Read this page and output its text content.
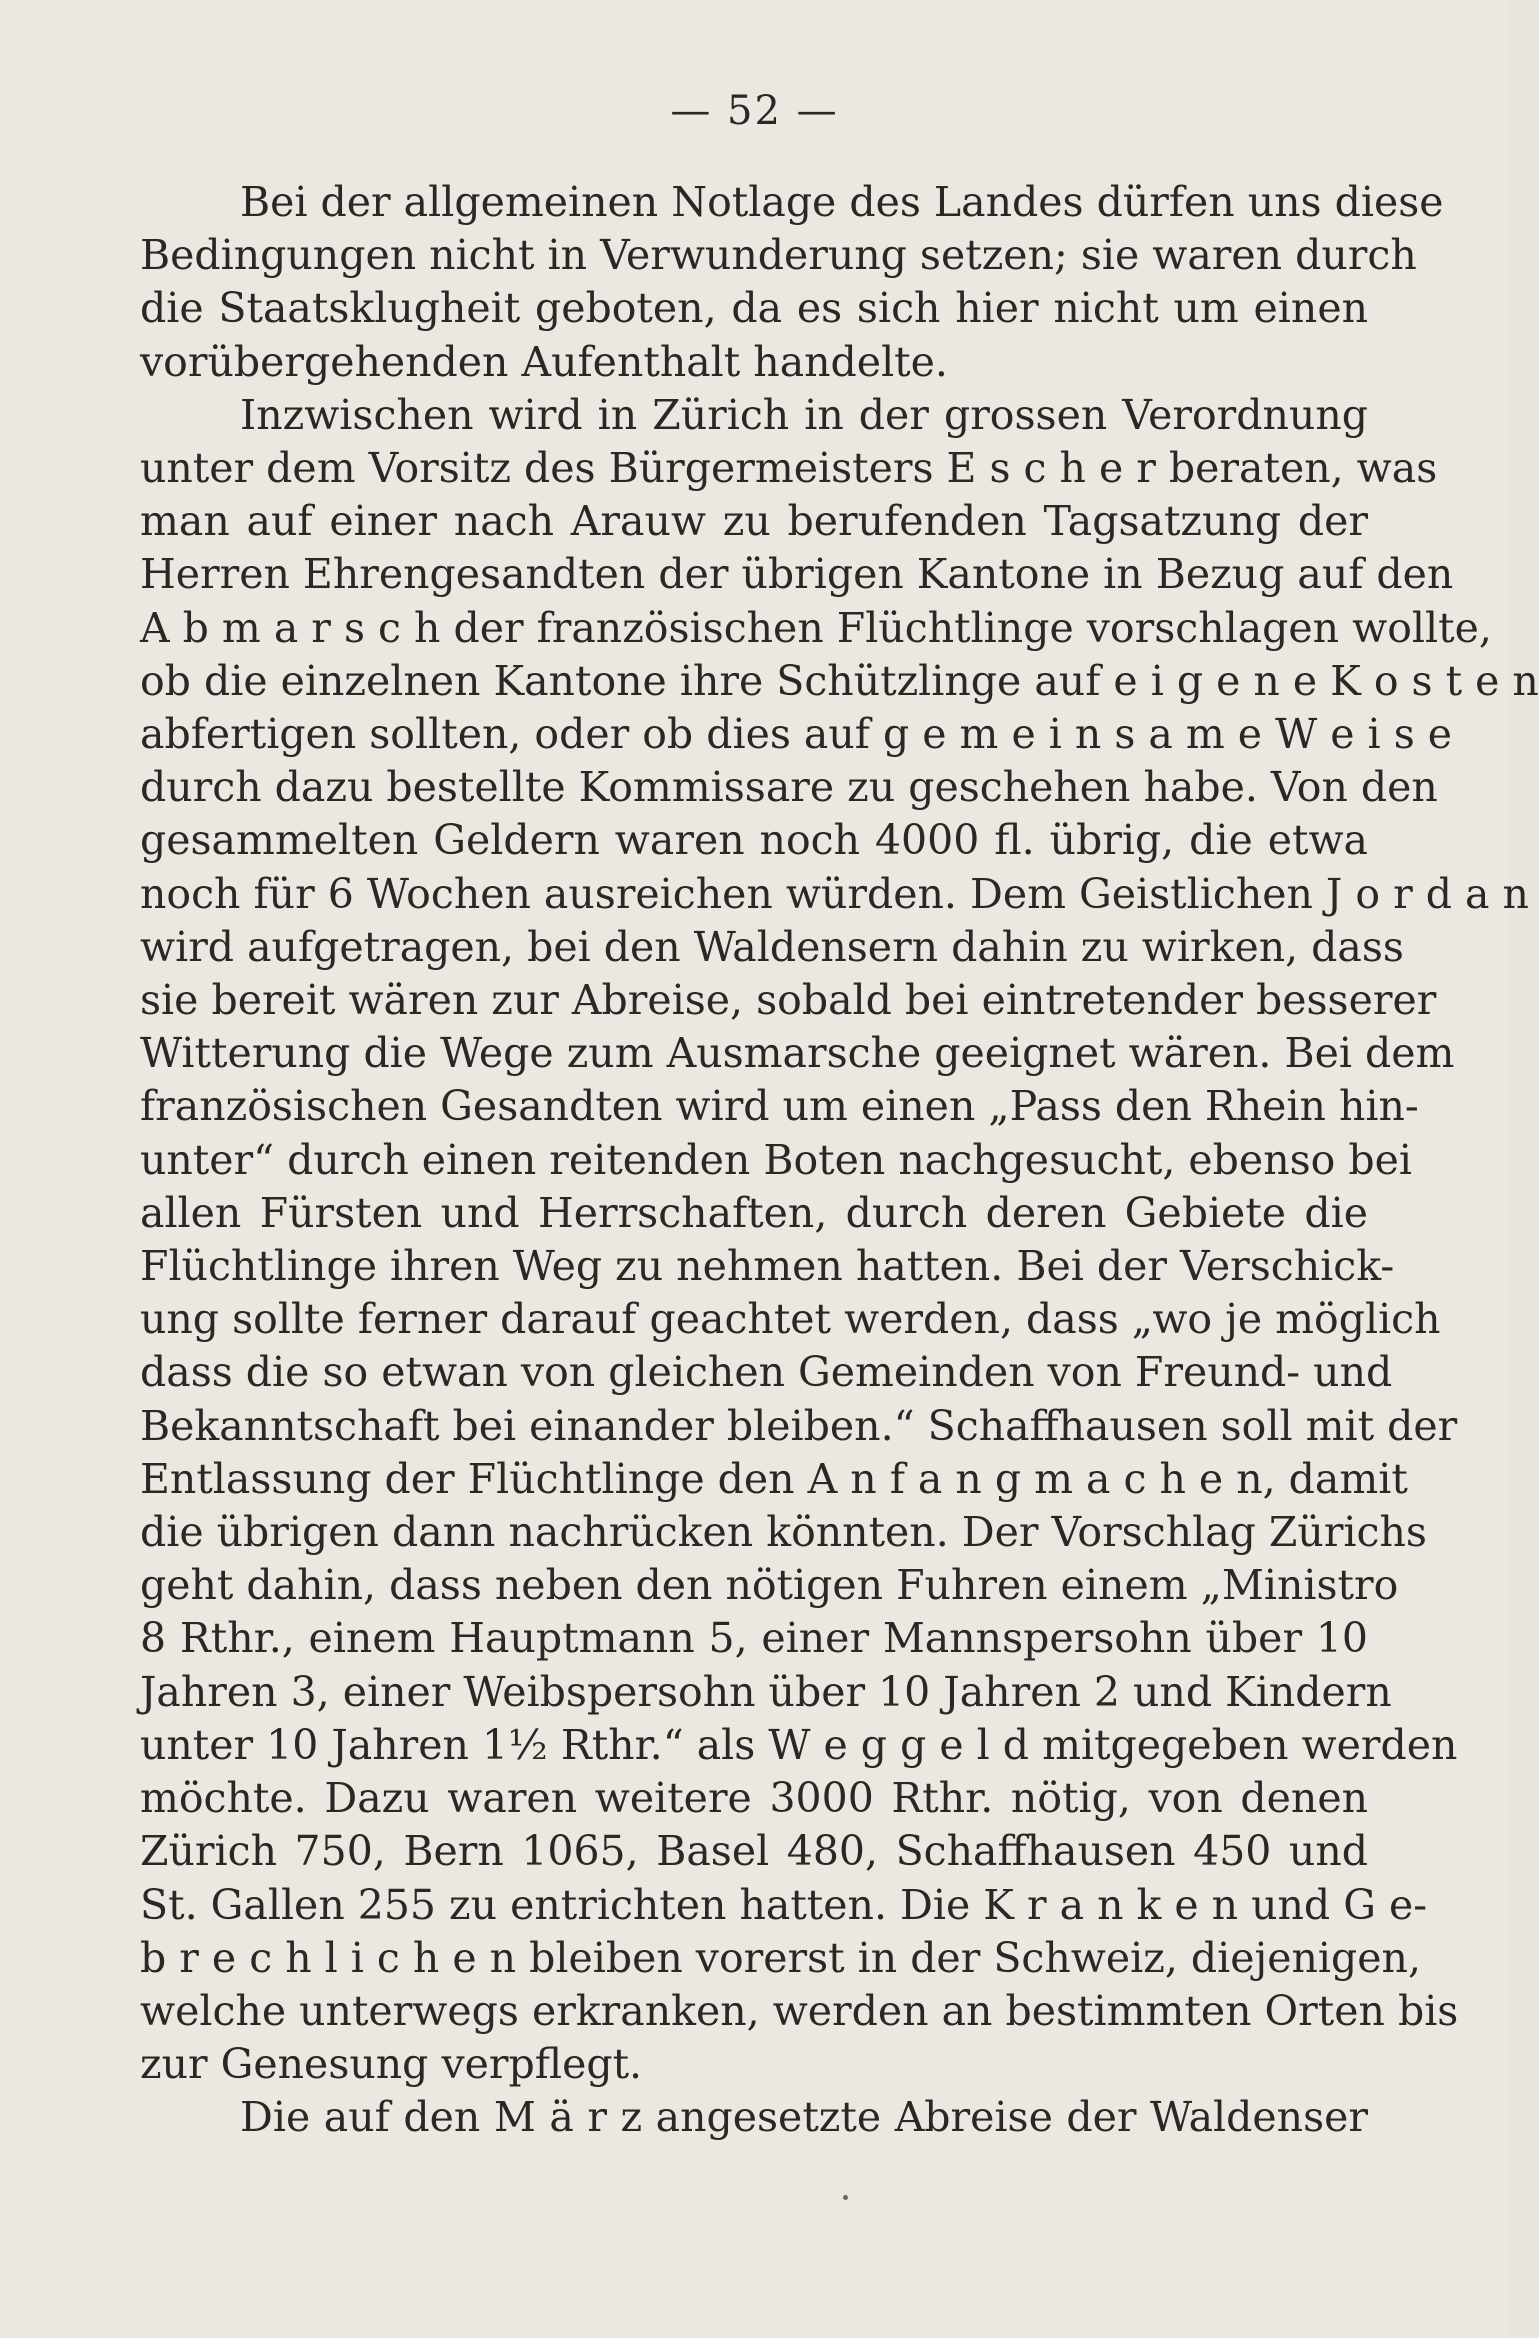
— 52 —
Bei der allgemeinen Notlage des Landes dürfen uns diese
Bedingungen nicht in Verwunderung setzen; sie waren durch
die Staatsklugheit geboten, da es sich hier nicht um einen
vorübergehenden Aufenthalt handelte.
Inzwischen wird in Zürich in der grossen Verordnung
unter dem Vorsitz des Bürgermeisters E s c h e r beraten, was
man auf einer nach Arauw zu berufenden Tagsatzung der
Herren Ehrengesandten der übrigen Kantone in Bezug auf den
A b m a r s c h der französischen Flüchtlinge vorschlagen wollte,
ob die einzelnen Kantone ihre Schützlinge auf e i g e n e K o s t e n
abfertigen sollten, oder ob dies auf g e m e i n s a m e W e i s e
durch dazu bestellte Kommissare zu geschehen habe. Von den
gesammelten Geldern waren noch 4000 fl. übrig, die etwa
noch für 6 Wochen ausreichen würden. Dem Geistlichen J o r d a n
wird aufgetragen, bei den Waldensern dahin zu wirken, dass
sie bereit wären zur Abreise, sobald bei eintretender besserer
Witterung die Wege zum Ausmarsche geeignet wären. Bei dem
französischen Gesandten wird um einen „Pass den Rhein hin-
unter“ durch einen reitenden Boten nachgesucht, ebenso bei
allen Fürsten und Herrschaften, durch deren Gebiete die
Flüchtlinge ihren Weg zu nehmen hatten. Bei der Verschick-
ung sollte ferner darauf geachtet werden, dass „wo je möglich
dass die so etwan von gleichen Gemeinden von Freund- und
Bekanntschaft bei einander bleiben.“ Schaffhausen soll mit der
Entlassung der Flüchtlinge den A n f a n g m a c h e n, damit
die übrigen dann nachrücken könnten. Der Vorschlag Zürichs
geht dahin, dass neben den nötigen Fuhren einem „Ministro
8 Rthr., einem Hauptmann 5, einer Mannspersohn über 10
Jahren 3, einer Weibspersohn über 10 Jahren 2 und Kindern
unter 10 Jahren 1½ Rthr.“ als W e g g e l d mitgegeben werden
möchte. Dazu waren weitere 3000 Rthr. nötig, von denen
Zürich 750, Bern 1065, Basel 480, Schaffhausen 450 und
St. Gallen 255 zu entrichten hatten. Die K r a n k e n und G e-
b r e c h l i c h e n bleiben vorerst in der Schweiz, diejenigen,
welche unterwegs erkranken, werden an bestimmten Orten bis
zur Genesung verpflegt.
Die auf den M ä r z angesetzte Abreise der Waldenser
